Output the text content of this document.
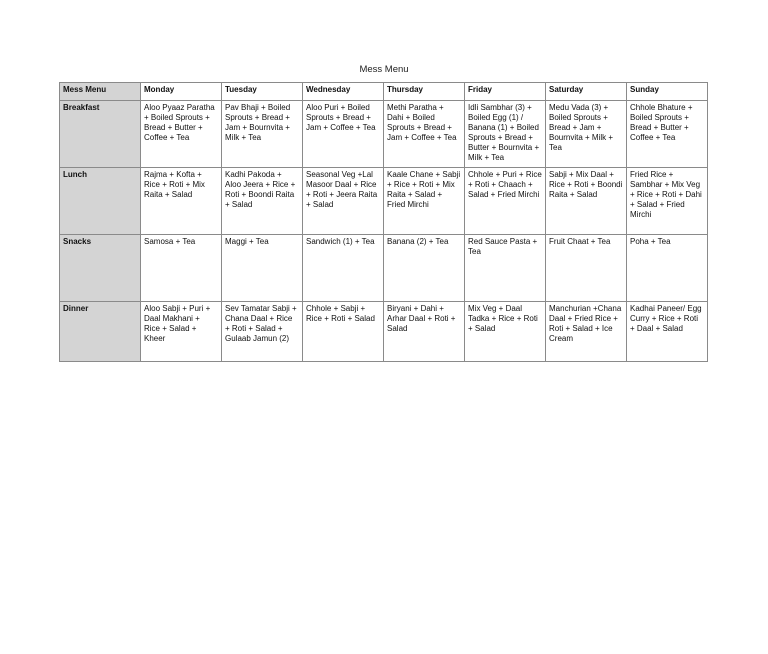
Mess Menu
Mess Menu	Monday	Tuesday	Wednesday	Thursday	Friday	Saturday	Sunday
Breakfast	Aloo Pyaaz Paratha + Boiled Sprouts + Bread + Butter + Coffee + Tea	Pav Bhaji + Boiled Sprouts + Bread + Jam + Bournvita + Milk + Tea	Aloo Puri + Boiled Sprouts + Bread + Jam + Coffee + Tea	Methi Paratha + Dahi + Boiled Sprouts + Bread + Jam + Coffee + Tea	Idli Sambhar (3) + Boiled Egg (1) / Banana (1) + Boiled Sprouts + Bread + Butter + Bournvita + Milk + Tea	Medu Vada (3) + Boiled Sprouts + Bread + Jam + Bournvita + Milk + Tea	Chhole Bhature + Boiled Sprouts + Bread + Butter + Coffee + Tea
Lunch	Rajma + Kofta + Rice + Roti + Mix Raita + Salad	Kadhi Pakoda + Aloo Jeera + Rice + Roti + Boondi Raita + Salad	Seasonal Veg +Lal Masoor Daal + Rice + Roti + Jeera Raita + Salad	Kaale Chane + Sabji + Rice + Roti + Mix Raita + Salad + Fried Mirchi	Chhole + Puri + Rice + Roti + Chaach + Salad + Fried Mirchi	Sabji + Mix Daal + Rice + Roti + Boondi Raita + Salad	Fried Rice + Sambhar + Mix Veg + Rice + Roti + Dahi + Salad + Fried Mirchi
Snacks	Samosa + Tea	Maggi + Tea	Sandwich (1) + Tea	Banana (2) + Tea	Red Sauce Pasta + Tea	Fruit Chaat + Tea	Poha + Tea
Dinner	Aloo Sabji + Puri + Daal Makhani + Rice + Salad + Kheer	Sev Tamatar Sabji + Chana Daal + Rice + Roti + Salad + Gulaab Jamun (2)	Chhole + Sabji + Rice + Roti + Salad	Biryani + Dahi + Arhar Daal + Roti + Salad	Mix Veg + Daal Tadka + Rice + Roti + Salad	Manchurian +Chana Daal + Fried Rice + Roti + Salad + Ice Cream	Kadhai Paneer/ Egg Curry + Rice + Roti + Daal + Salad
